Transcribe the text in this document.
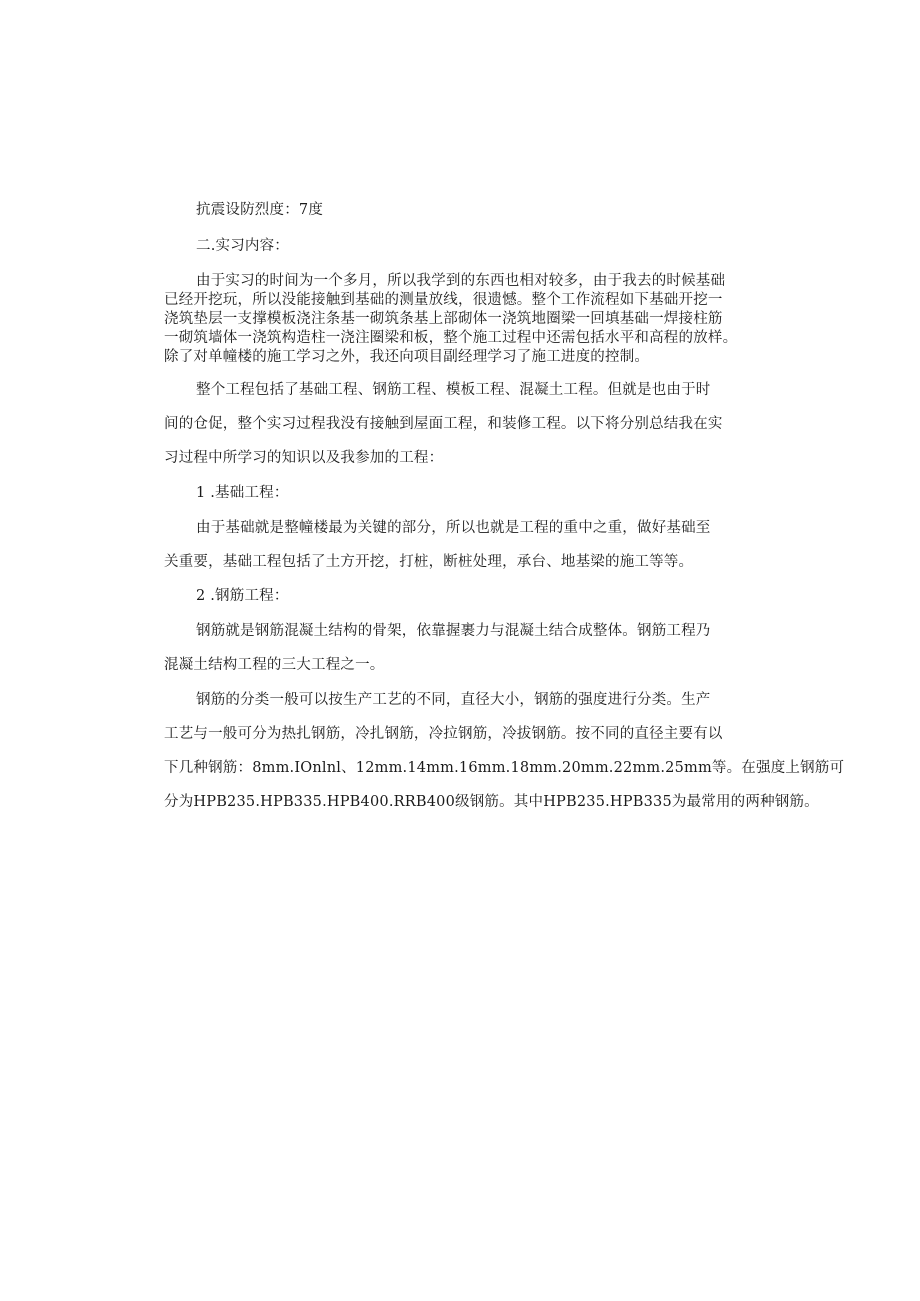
抗震设防烈度：7度
二.实习内容：
由于实习的时间为一个多月，所以我学到的东西也相对较多，由于我去的时候基础
已经开挖玩，所以没能接触到基础的测量放线，很遗憾。整个工作流程如下基础开挖一
浇筑垫层一支撑模板浇注条基一砌筑条基上部砌体一浇筑地圈梁一回填基础一焊接柱筋
一砌筑墙体一浇筑构造柱一浇注圈梁和板，整个施工过程中还需包括水平和高程的放样。
除了对单幢楼的施工学习之外，我还向项目副经理学习了施工进度的控制。
整个工程包括了基础工程、钢筋工程、模板工程、混凝土工程。但就是也由于时
间的仓促，整个实习过程我没有接触到屋面工程，和装修工程。以下将分别总结我在实
习过程中所学习的知识以及我参加的工程：
1 .基础工程：
由于基础就是整幢楼最为关键的部分，所以也就是工程的重中之重，做好基础至
关重要，基础工程包括了土方开挖，打桩，断桩处理，承台、地基梁的施工等等。
2 .钢筋工程：
钢筋就是钢筋混凝土结构的骨架，依靠握裹力与混凝土结合成整体。钢筋工程乃
混凝土结构工程的三大工程之一。
钢筋的分类一般可以按生产工艺的不同，直径大小，钢筋的强度进行分类。生产
工艺与一般可分为热扎钢筋，冷扎钢筋，冷拉钢筋，冷拔钢筋。按不同的直径主要有以
下几种钢筋：8mm.IOnlnl、12mm.14mm.16mm.18mm.20mm.22mm.25mm等。在强度上钢筋可
分为HPB235.HPB335.HPB400.RRB400级钢筋。其中HPB235.HPB335为最常用的两种钢筋。
